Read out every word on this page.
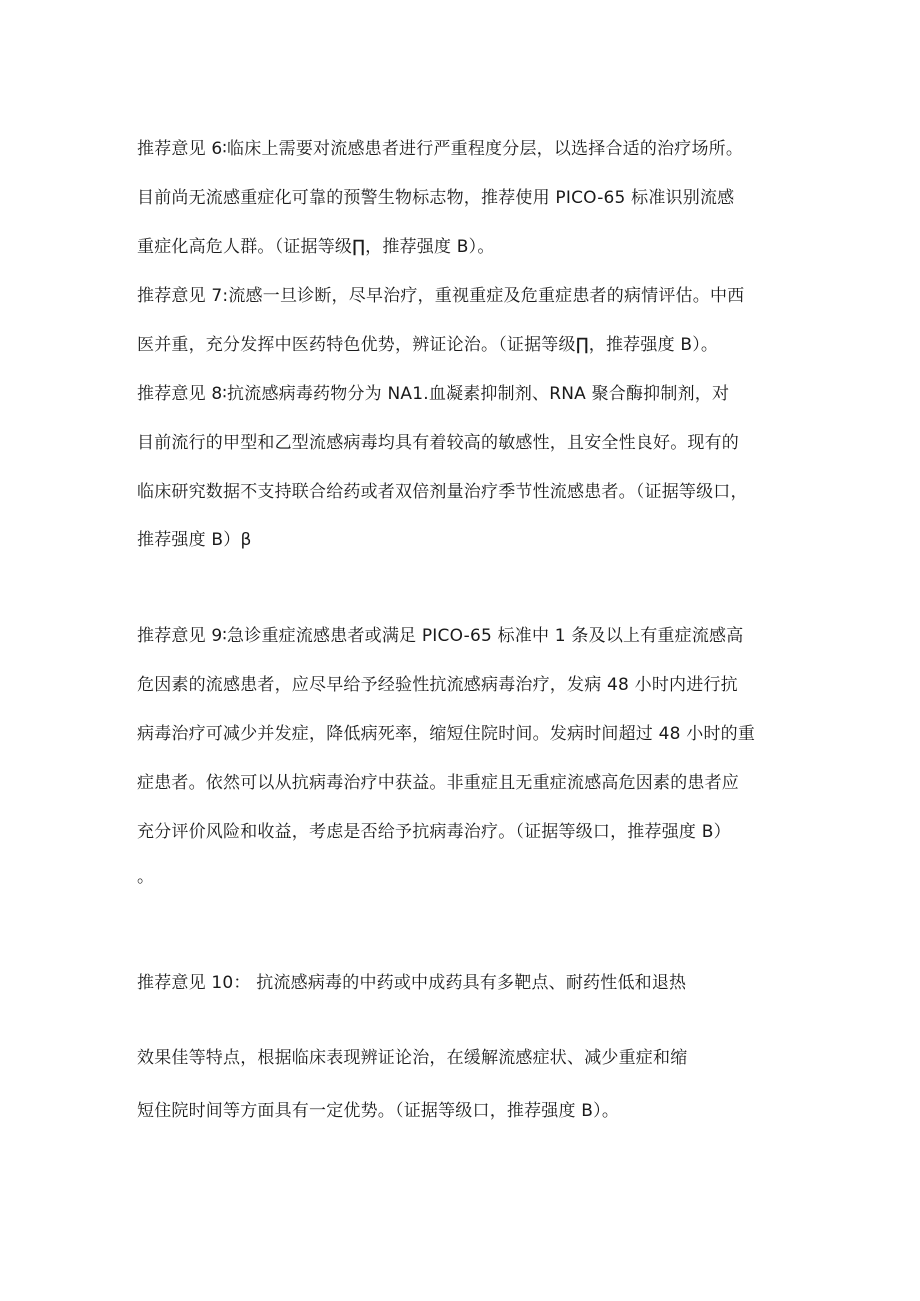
推荐意见 6∶临床上需要对流感患者进行严重程度分层，以选择合适的治疗场所。
目前尚无流感重症化可靠的预警生物标志物，推荐使用 PICO-65 标准识别流感
重症化高危人群。（证据等级∏，推荐强度 B）。
推荐意见 7:流感一旦诊断，尽早治疗，重视重症及危重症患者的病情评估。中西
医并重，充分发挥中医药特色优势，辨证论治。（证据等级∏，推荐强度 B）。
推荐意见 8∶抗流感病毒药物分为 NA1.血凝素抑制剂、RNA 聚合酶抑制剂，对
目前流行的甲型和乙型流感病毒均具有着较高的敏感性，且安全性良好。现有的
临床研究数据不支持联合给药或者双倍剂量治疗季节性流感患者。（证据等级口，
推荐强度 B）β
推荐意见 9∶急诊重症流感患者或满足 PICO-65 标准中 1 条及以上有重症流感高
危因素的流感患者，应尽早给予经验性抗流感病毒治疗，发病 48 小时内进行抗
病毒治疗可减少并发症，降低病死率，缩短住院时间。发病时间超过 48 小时的重
症患者。依然可以从抗病毒治疗中获益。非重症且无重症流感高危因素的患者应
充分评价风险和收益，考虑是否给予抗病毒治疗。（证据等级口，推荐强度 B）
。
推荐意见 10： 抗流感病毒的中药或中成药具有多靶点、耐药性低和退热
效果佳等特点，根据临床表现辨证论治，在缓解流感症状、减少重症和缩
短住院时间等方面具有一定优势。（证据等级口，推荐强度 B）。
